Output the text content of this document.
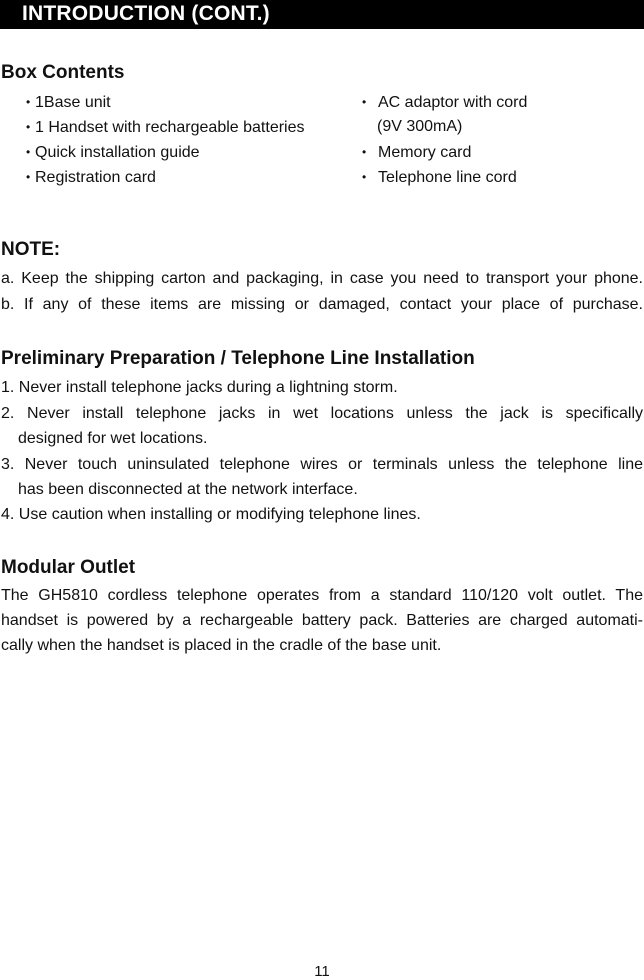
INTRODUCTION (CONT.)
Box Contents
• 1Base unit
• 1 Handset with rechargeable batteries
• Quick installation guide
• Registration card
• AC adaptor with cord
(9V 300mA)
• Memory card
• Telephone line cord
NOTE:
a. Keep the shipping carton and packaging, in case you need to transport your phone.
b. If any of these items are missing or damaged, contact your place of purchase.
Preliminary Preparation / Telephone Line Installation
1. Never install telephone jacks during a lightning storm.
2. Never install telephone jacks in wet locations unless the jack is specifically
designed for wet locations.
3. Never touch uninsulated telephone wires or terminals unless the telephone line
has been disconnected at the network interface.
4. Use caution when installing or modifying telephone lines.
Modular Outlet
The GH5810 cordless telephone operates from a standard 110/120 volt outlet. The
handset is powered by a rechargeable battery pack. Batteries are charged automati-
cally when the handset is placed in the cradle of the base unit.
11
